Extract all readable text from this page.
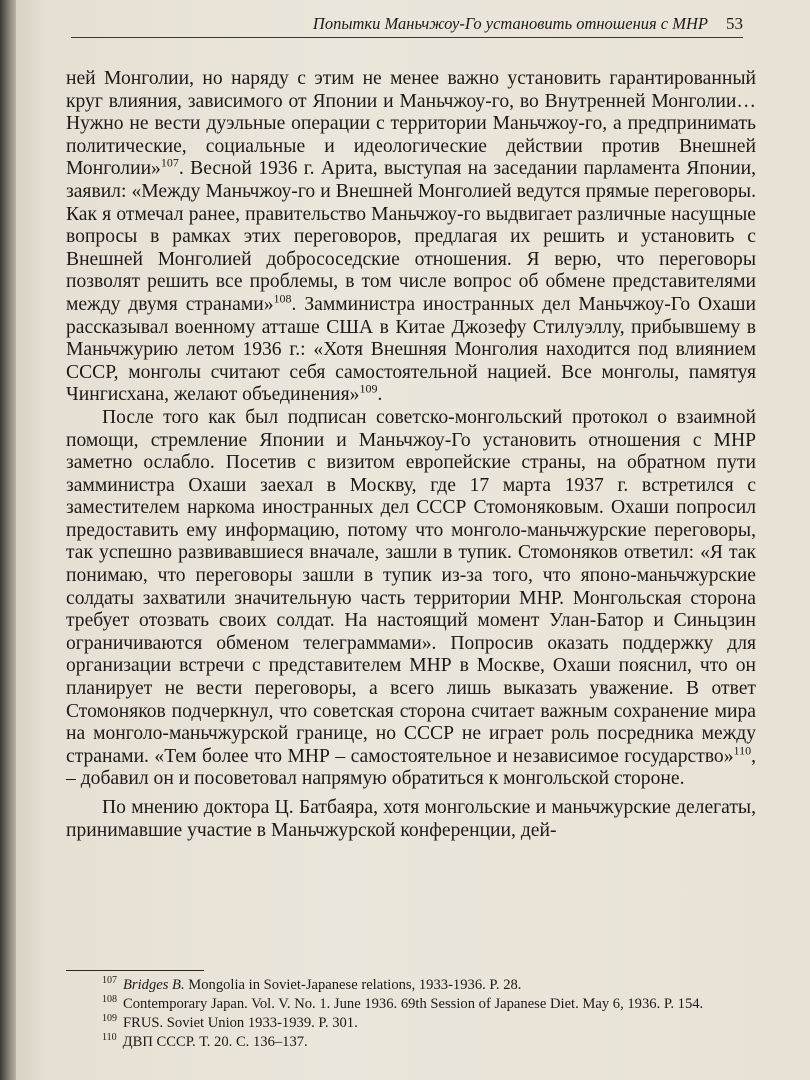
Попытки Маньчжоу-Го установить отношения с МНР 53

ней Монголии, но наряду с этим не менее важно установить гарантированный круг влияния, зависимого от Японии и Маньчжоу-го, во Внутренней Монголии… Нужно не вести дуэльные операции с территории Маньчжоу-го, а предпринимать политические, социальные и идеологические действии против Внешней Монголии»$^{107}$. Весной 1936 г. Арита, выступая на заседании парламента Японии, заявил: «Между Маньчжоу-го и Внешней Монголией ведутся прямые переговоры. Как я отмечал ранее, правительство Маньчжоу-го выдвигает различные насущные вопросы в рамках этих переговоров, предлагая их решить и установить с Внешней Монголией добрососедские отношения. Я верю, что переговоры позволят решить все проблемы, в том числе вопрос об обмене представителями между двумя странами»$^{108}$. Замминистра иностранных дел Маньчжоу-Го Охаши рассказывал военному атташе США в Китае Джозефу Стилуэллу, прибывшему в Маньчжурию летом 1936 г.: «Хотя Внешняя Монголия находится под влиянием СССР, монголы считают себя самостоятельной нацией. Все монголы, памятуя Чингисхана, желают объединения»$^{109}$.

После того как был подписан советско-монгольский протокол о взаимной помощи, стремление Японии и Маньчжоу-Го установить отношения с МНР заметно ослабло. Посетив с визитом европейские страны, на обратном пути замминистра Охаши заехал в Москву, где 17 марта 1937 г. встретился с заместителем наркома иностранных дел СССР Стомоняковым. Охаши попросил предоставить ему информацию, потому что монголо-маньчжурские переговоры, так успешно развивавшиеся вначале, зашли в тупик. Стомоняков ответил: «Я так понимаю, что переговоры зашли в тупик из-за того, что японо-маньчжурские солдаты захватили значительную часть территории МНР. Монгольская сторона требует отозвать своих солдат. На настоящий момент Улан-Батор и Синьцзин ограничиваются обменом телеграммами». Попросив оказать поддержку для организации встречи с представителем МНР в Москве, Охаши пояснил, что он планирует не вести переговоры, а всего лишь выказать уважение. В ответ Стомоняков подчеркнул, что советская сторона считает важным сохранение мира на монголо-маньчжурской границе, но СССР не играет роль посредника между странами. «Тем более что МНР – самостоятельное и независимое государство»$^{110}$, – добавил он и посоветовал напрямую обратиться к монгольской стороне.

По мнению доктора Ц. Батбаяра, хотя монгольские и маньчжурские делегаты, принимавшие участие в Маньчжурской конференции, дей-

$^{107}$ Bridges B. Mongolia in Soviet-Japanese relations, 1933-1936. P. 28.

$^{108}$ Contemporary Japan. Vol. V. No. 1. June 1936. 69th Session of Japanese Diet. May 6, 1936. P. 154.

$^{109}$ FRUS. Soviet Union 1933-1939. P. 301.

$^{110}$ ДВП СССР. Т. 20. С. 136–137.
